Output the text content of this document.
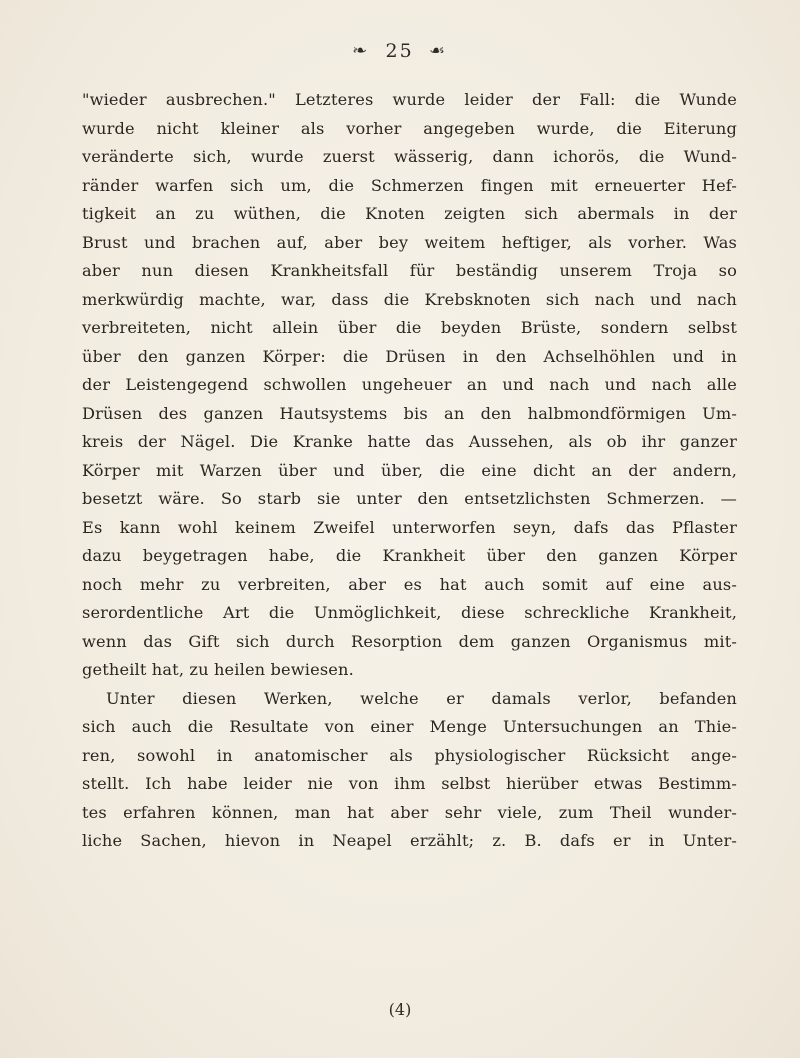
❧ 25 ☙
"wieder ausbrechen." Letzteres wurde leider der Fall: die Wunde
wurde nicht kleiner als vorher angegeben wurde, die Eiterung
veränderte sich, wurde zuerst wässerig, dann ichorös, die Wund-
ränder warfen sich um, die Schmerzen fingen mit erneuerter Hef-
tigkeit an zu wüthen, die Knoten zeigten sich abermals in der
Brust und brachen auf, aber bey weitem heftiger, als vorher. Was
aber nun diesen Krankheitsfall für beständig unserem Troja so
merkwürdig machte, war, dass die Krebsknoten sich nach und nach
verbreiteten, nicht allein über die beyden Brüste, sondern selbst
über den ganzen Körper: die Drüsen in den Achselhöhlen und in
der Leistengegend schwollen ungeheuer an und nach und nach alle
Drüsen des ganzen Hautsystems bis an den halbmondförmigen Um-
kreis der Nägel. Die Kranke hatte das Aussehen, als ob ihr ganzer
Körper mit Warzen über und über, die eine dicht an der andern,
besetzt wäre. So starb sie unter den entsetzlichsten Schmerzen. —
Es kann wohl keinem Zweifel unterworfen seyn, dafs das Pflaster
dazu beygetragen habe, die Krankheit über den ganzen Körper
noch mehr zu verbreiten, aber es hat auch somit auf eine aus-
serordentliche Art die Unmöglichkeit, diese schreckliche Krankheit,
wenn das Gift sich durch Resorption dem ganzen Organismus mit-
getheilt hat, zu heilen bewiesen.
Unter diesen Werken, welche er damals verlor, befanden
sich auch die Resultate von einer Menge Untersuchungen an Thie-
ren, sowohl in anatomischer als physiologischer Rücksicht ange-
stellt. Ich habe leider nie von ihm selbst hierüber etwas Bestimm-
tes erfahren können, man hat aber sehr viele, zum Theil wunder-
liche Sachen, hievon in Neapel erzählt; z. B. dafs er in Unter-
(4)
